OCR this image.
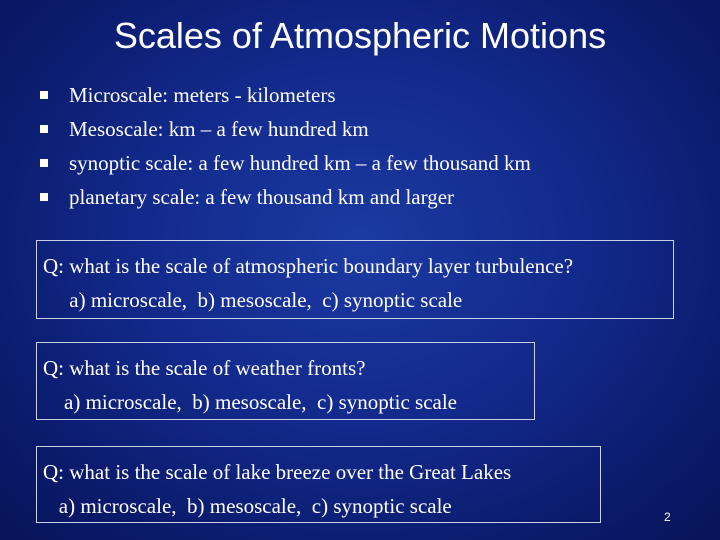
Scales of Atmospheric Motions
Microscale: meters - kilometers
Mesoscale: km – a few hundred km
synoptic scale: a few hundred km – a few thousand km
planetary scale: a few thousand km and larger
Q: what is the scale of atmospheric boundary layer turbulence?
a) microscale,  b) mesoscale,  c) synoptic scale
Q: what is the scale of weather fronts?
a) microscale,  b) mesoscale,  c) synoptic scale
Q: what is the scale of lake breeze over the Great Lakes
a) microscale,  b) mesoscale,  c) synoptic scale	2
